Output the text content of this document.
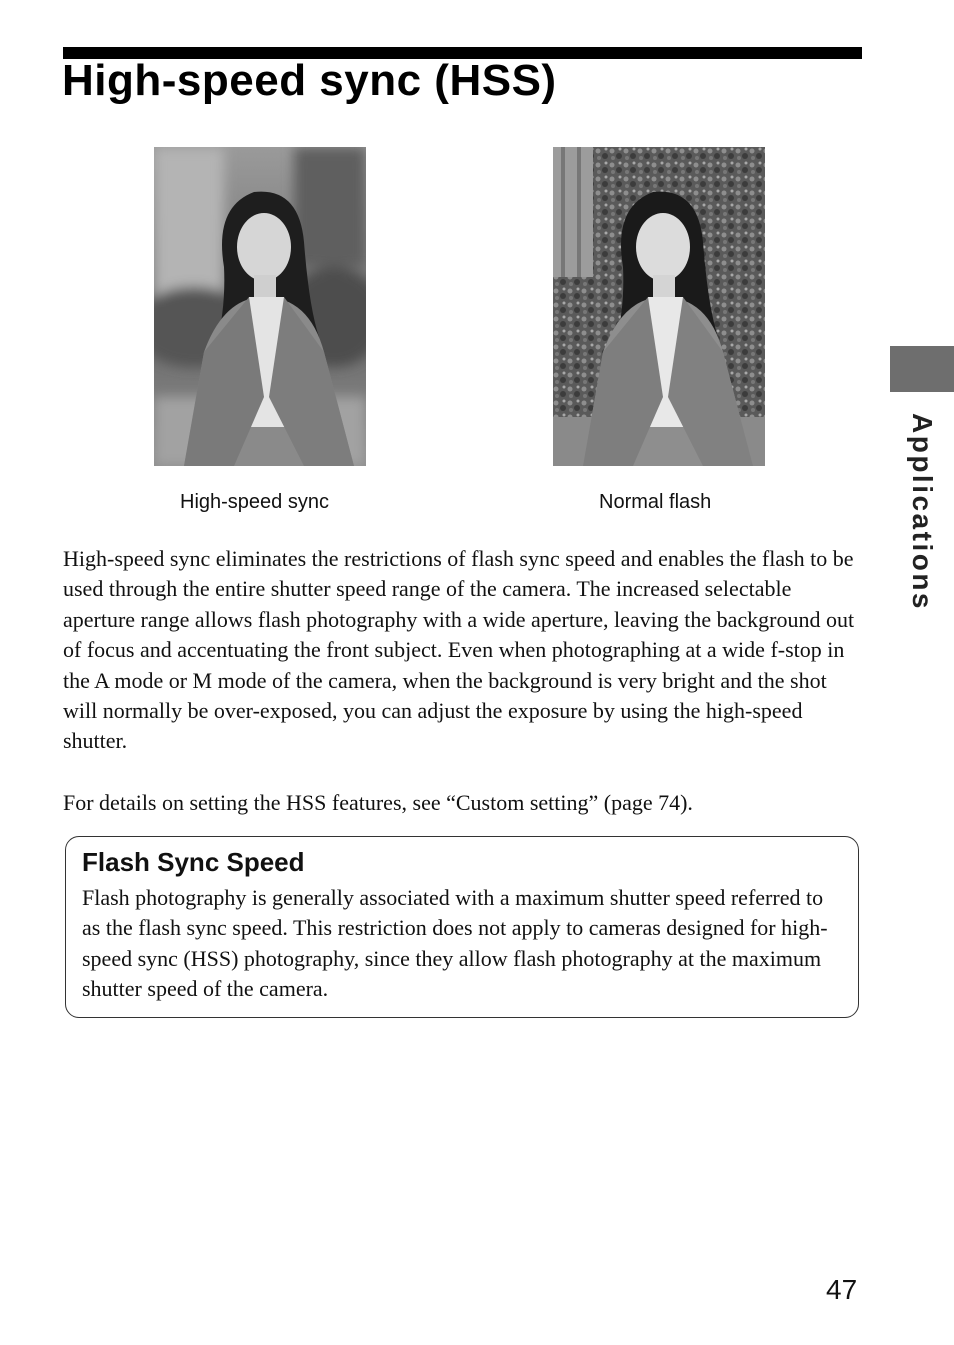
High-speed sync (HSS)
High-speed sync	Normal flash

High-speed sync eliminates the restrictions of flash sync speed and enables the flash to be used through the entire shutter speed range of the camera. The increased selectable aperture range allows flash photography with a wide aperture, leaving the background out of focus and accentuating the front subject. Even when photographing at a wide f-stop in the A mode or M mode of the camera, when the background is very bright and the shot will normally be over-exposed, you can adjust the exposure by using the high-speed shutter.

For details on setting the HSS features, see “Custom setting” (page 74).

Flash Sync Speed

Flash photography is generally associated with a maximum shutter speed referred to as the flash sync speed. This restriction does not apply to cameras designed for high-speed sync (HSS) photography, since they allow flash photography at the maximum shutter speed of the camera.

Applications
47
